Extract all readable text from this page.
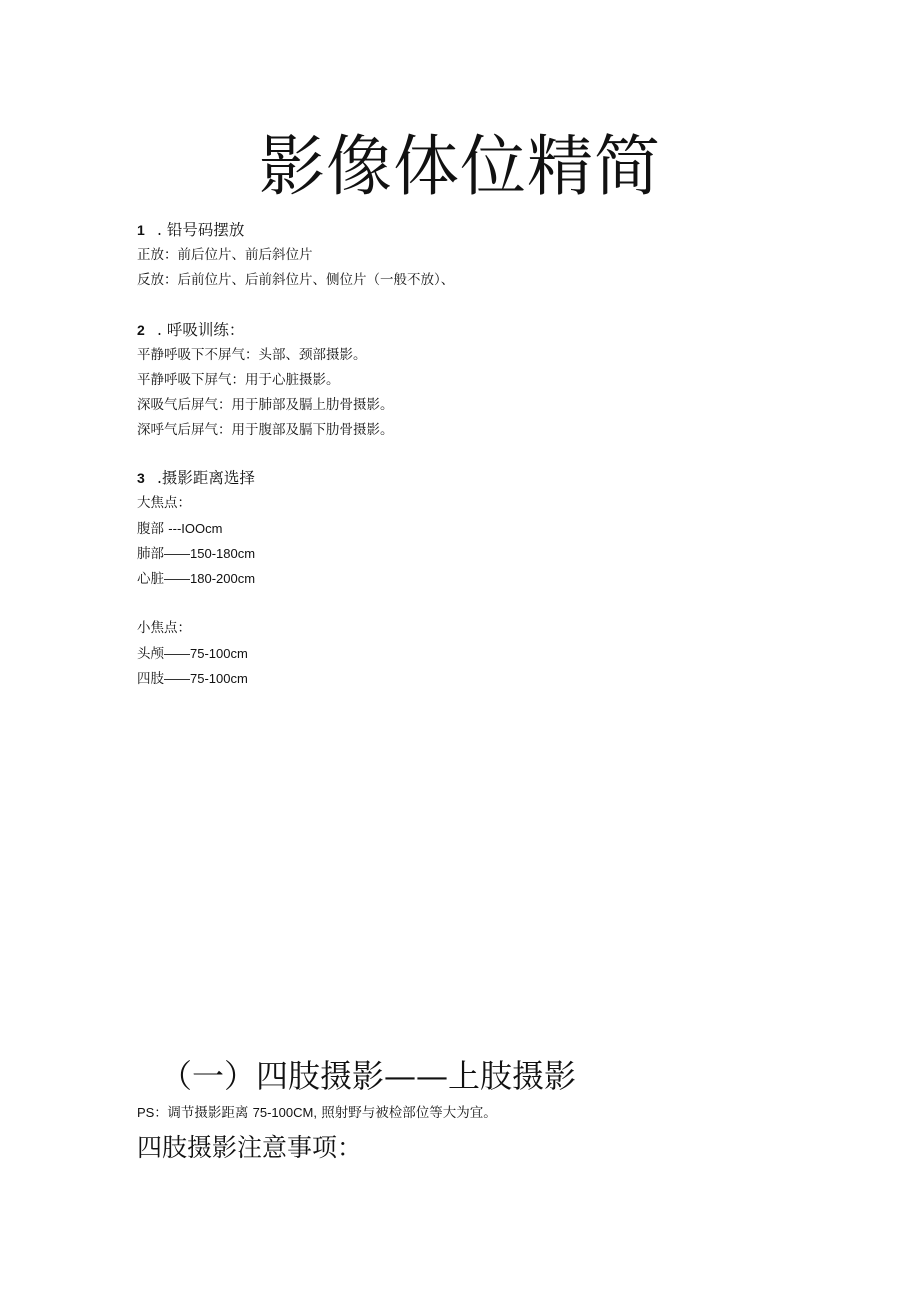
影像体位精简
1 . 铅号码摆放
正放：前后位片、前后斜位片
反放：后前位片、后前斜位片、侧位片（一般不放）、
2 . 呼吸训练：
平静呼吸下不屏气：头部、颈部摄影。
平静呼吸下屏气：用于心脏摄影。
深吸气后屏气：用于肺部及膈上肋骨摄影。
深呼气后屏气：用于腹部及膈下肋骨摄影。
3 .摄影距离选择
大焦点：
腹部 ---IOOcm
肺部——150-180cm
心脏——180-200cm
小焦点：
头颅——75-100cm
四肢——75-100cm
（一）四肢摄影——上肢摄影
PS：调节摄影距离 75-100CM, 照射野与被检部位等大为宜。
四肢摄影注意事项：
